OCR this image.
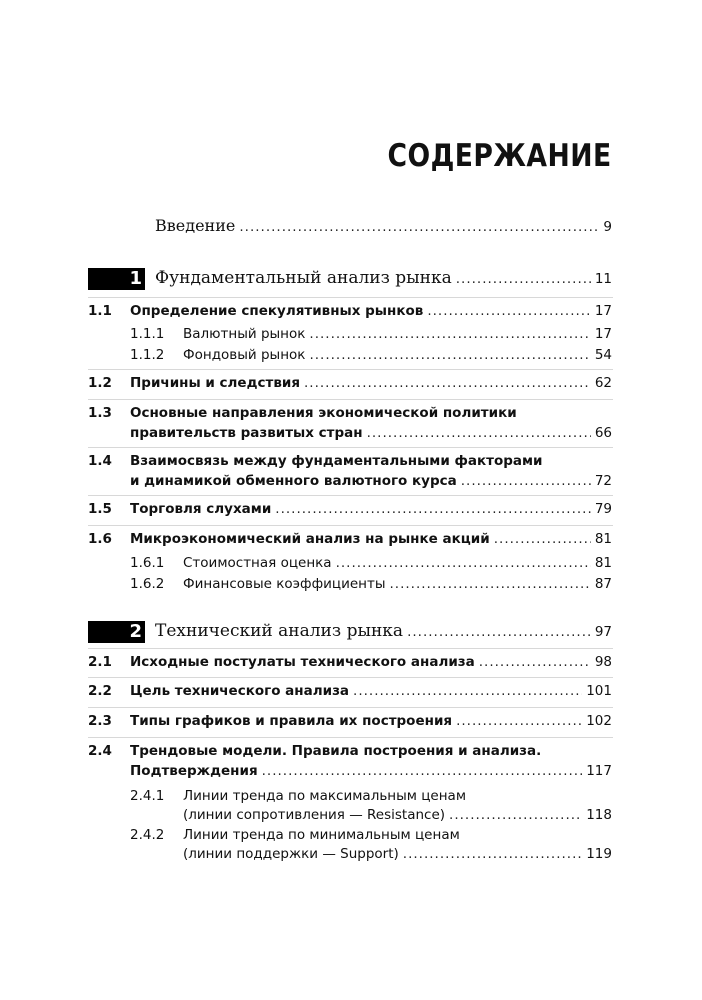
СОДЕРЖАНИЕ
Введение .....	9
1 Фундаментальный анализ рынка .....	11
1.1 Определение спекулятивных рынков .....	17
1.1.1 Валютный рынок .....	17
1.1.2 Фондовый рынок .....	54
1.2 Причины и следствия .....	62
1.3 Основные направления экономической политики
правительств развитых стран .....	66
1.4 Взаимосвязь между фундаментальными факторами
и динамикой обменного валютного курса .....	72
1.5 Торговля слухами .....	79
1.6 Микроэкономический анализ на рынке акций .....	81
1.6.1 Стоимостная оценка .....	81
1.6.2 Финансовые коэффициенты .....	87
2 Технический анализ рынка .....	97
2.1 Исходные постулаты технического анализа .....	98
2.2 Цель технического анализа .....	101
2.3 Типы графиков и правила их построения .....	102
2.4 Трендовые модели. Правила построения и анализа.
Подтверждения .....	117
2.4.1 Линии тренда по максимальным ценам
(линии сопротивления — Resistance) .....	118
2.4.2 Линии тренда по минимальным ценам
(линии поддержки — Support) .....	119
